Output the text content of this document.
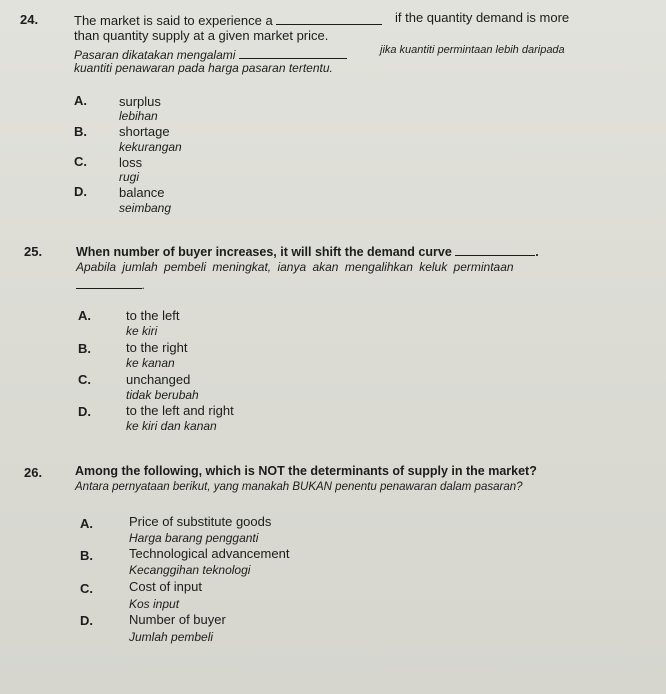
24.	The market is said to experience a	if the quantity demand is more
than quantity supply at a given market price.
Pasaran dikatakan mengalami	jika kuantiti permintaan lebih daripada
kuantiti penawaran pada harga pasaran tertentu.
A. surplus
lebihan
B. shortage
kekurangan
C. loss
rugi
D. balance
seimbang
25.	When number of buyer increases, it will shift the demand curve	.
Apabila jumlah pembeli meningkat, ianya akan mengalihkan keluk permintaan
.
A.	to the left
ke kiri
B.	to the right
ke kanan
C.	unchanged
tidak berubah
D.	to the left and right
ke kiri dan kanan
26.	Among the following, which is NOT the determinants of supply in the market?
Antara pernyataan berikut, yang manakah BUKAN penentu penawaran dalam pasaran?
A.	Price of substitute goods
Harga barang pengganti
B.	Technological advancement
Kecanggihan teknologi
C.	Cost of input
Kos input
D.	Number of buyer
Jumlah pembeli
